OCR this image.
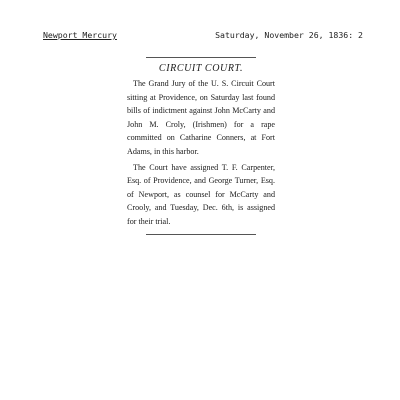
Newport Mercury	Saturday, November 26, 1836: 2
CIRCUIT COURT.

The Grand Jury of the U. S. Circuit Court sitting at Providence, on Saturday last found bills of indictment against John McCarty and John M. Croly, (Irishmen) for a rape committed on Catharine Conners, at Fort Adams, in this harbor.

The Court have assigned T. F. Carpenter, Esq. of Providence, and George Turner, Esq. of Newport, as counsel for McCarty and Crooly, and Tuesday, Dec. 6th, is assigned for their trial.
